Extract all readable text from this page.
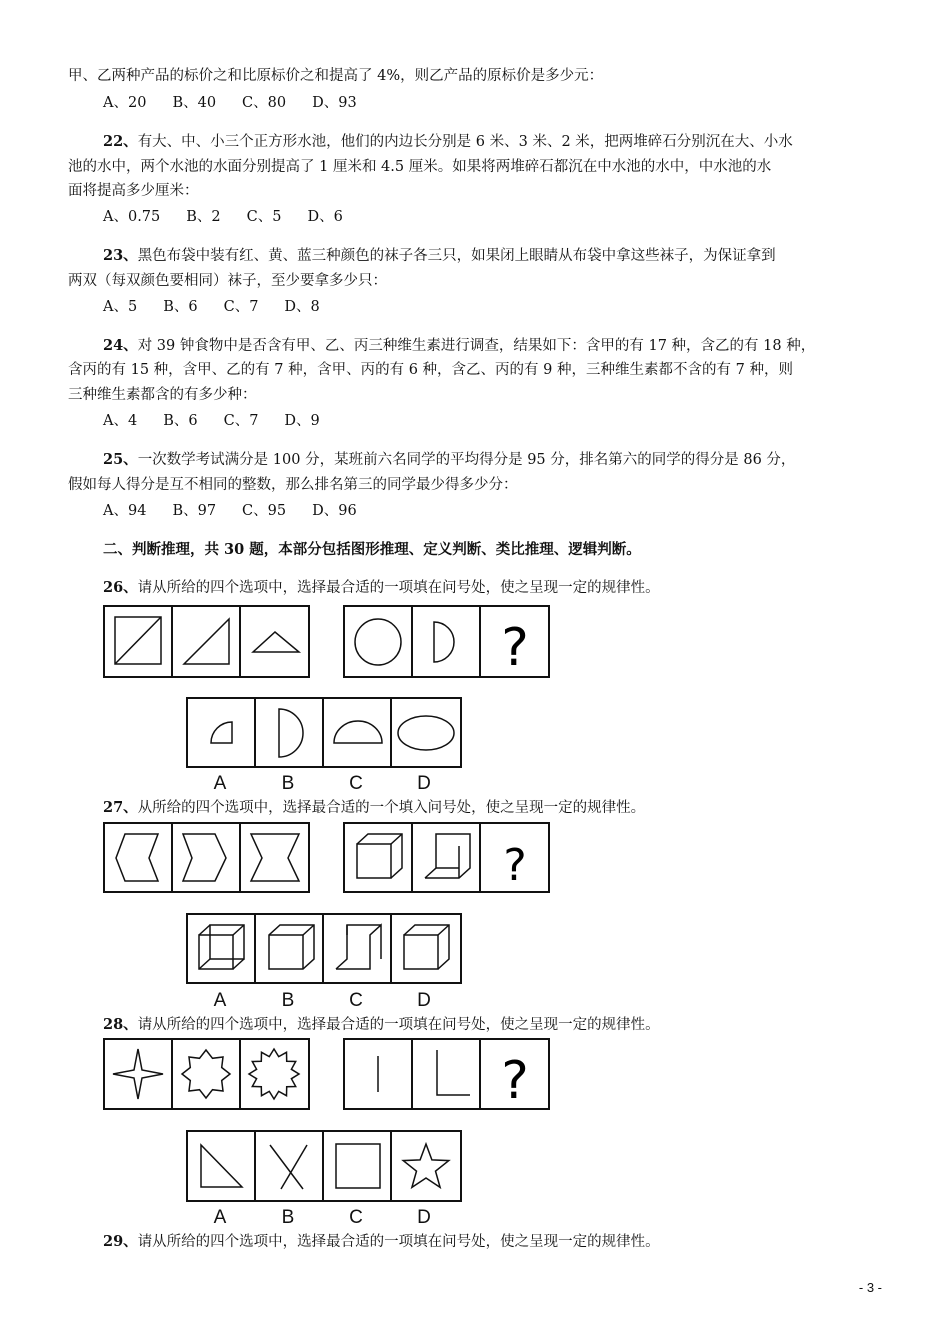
甲、乙两种产品的标价之和比原标价之和提高了 4%，则乙产品的原标价是多少元：
A、20 B、40 C、80 D、93
22、有大、中、小三个正方形水池，他们的内边长分别是 6 米、3 米、2 米，把两堆碎石分别沉在大、小水
池的水中，两个水池的水面分别提高了 1 厘米和 4.5 厘米。如果将两堆碎石都沉在中水池的水中，中水池的水
面将提高多少厘米：
A、0.75 B、2 C、5 D、6
23、黑色布袋中装有红、黄、蓝三种颜色的袜子各三只，如果闭上眼睛从布袋中拿这些袜子，为保证拿到
两双（每双颜色要相同）袜子，至少要拿多少只：
A、5 B、6 C、7 D、8
24、对 39 钟食物中是否含有甲、乙、丙三种维生素进行调查，结果如下：含甲的有 17 种，含乙的有 18 种，
含丙的有 15 种，含甲、乙的有 7 种，含甲、丙的有 6 种，含乙、丙的有 9 种，三种维生素都不含的有 7 种，则
三种维生素都含的有多少种：
A、4 B、6 C、7 D、9
25、一次数学考试满分是 100 分，某班前六名同学的平均得分是 95 分，排名第六的同学的得分是 86 分，
假如每人得分是互不相同的整数，那么排名第三的同学最少得多少分：
A、94 B、97 C、95 D、96
二、判断推理，共 30 题，本部分包括图形推理、定义判断、类比推理、逻辑判断。
26、请从所给的四个选项中，选择最合适的一项填在问号处，使之呈现一定的规律性。
?
A	B	C	D
27、从所给的四个选项中，选择最合适的一个填入问号处，使之呈现一定的规律性。
?
A	B	C	D
28、请从所给的四个选项中，选择最合适的一项填在问号处，使之呈现一定的规律性。
?
A	B	C	D
29、请从所给的四个选项中，选择最合适的一项填在问号处，使之呈现一定的规律性。
- 3 -
